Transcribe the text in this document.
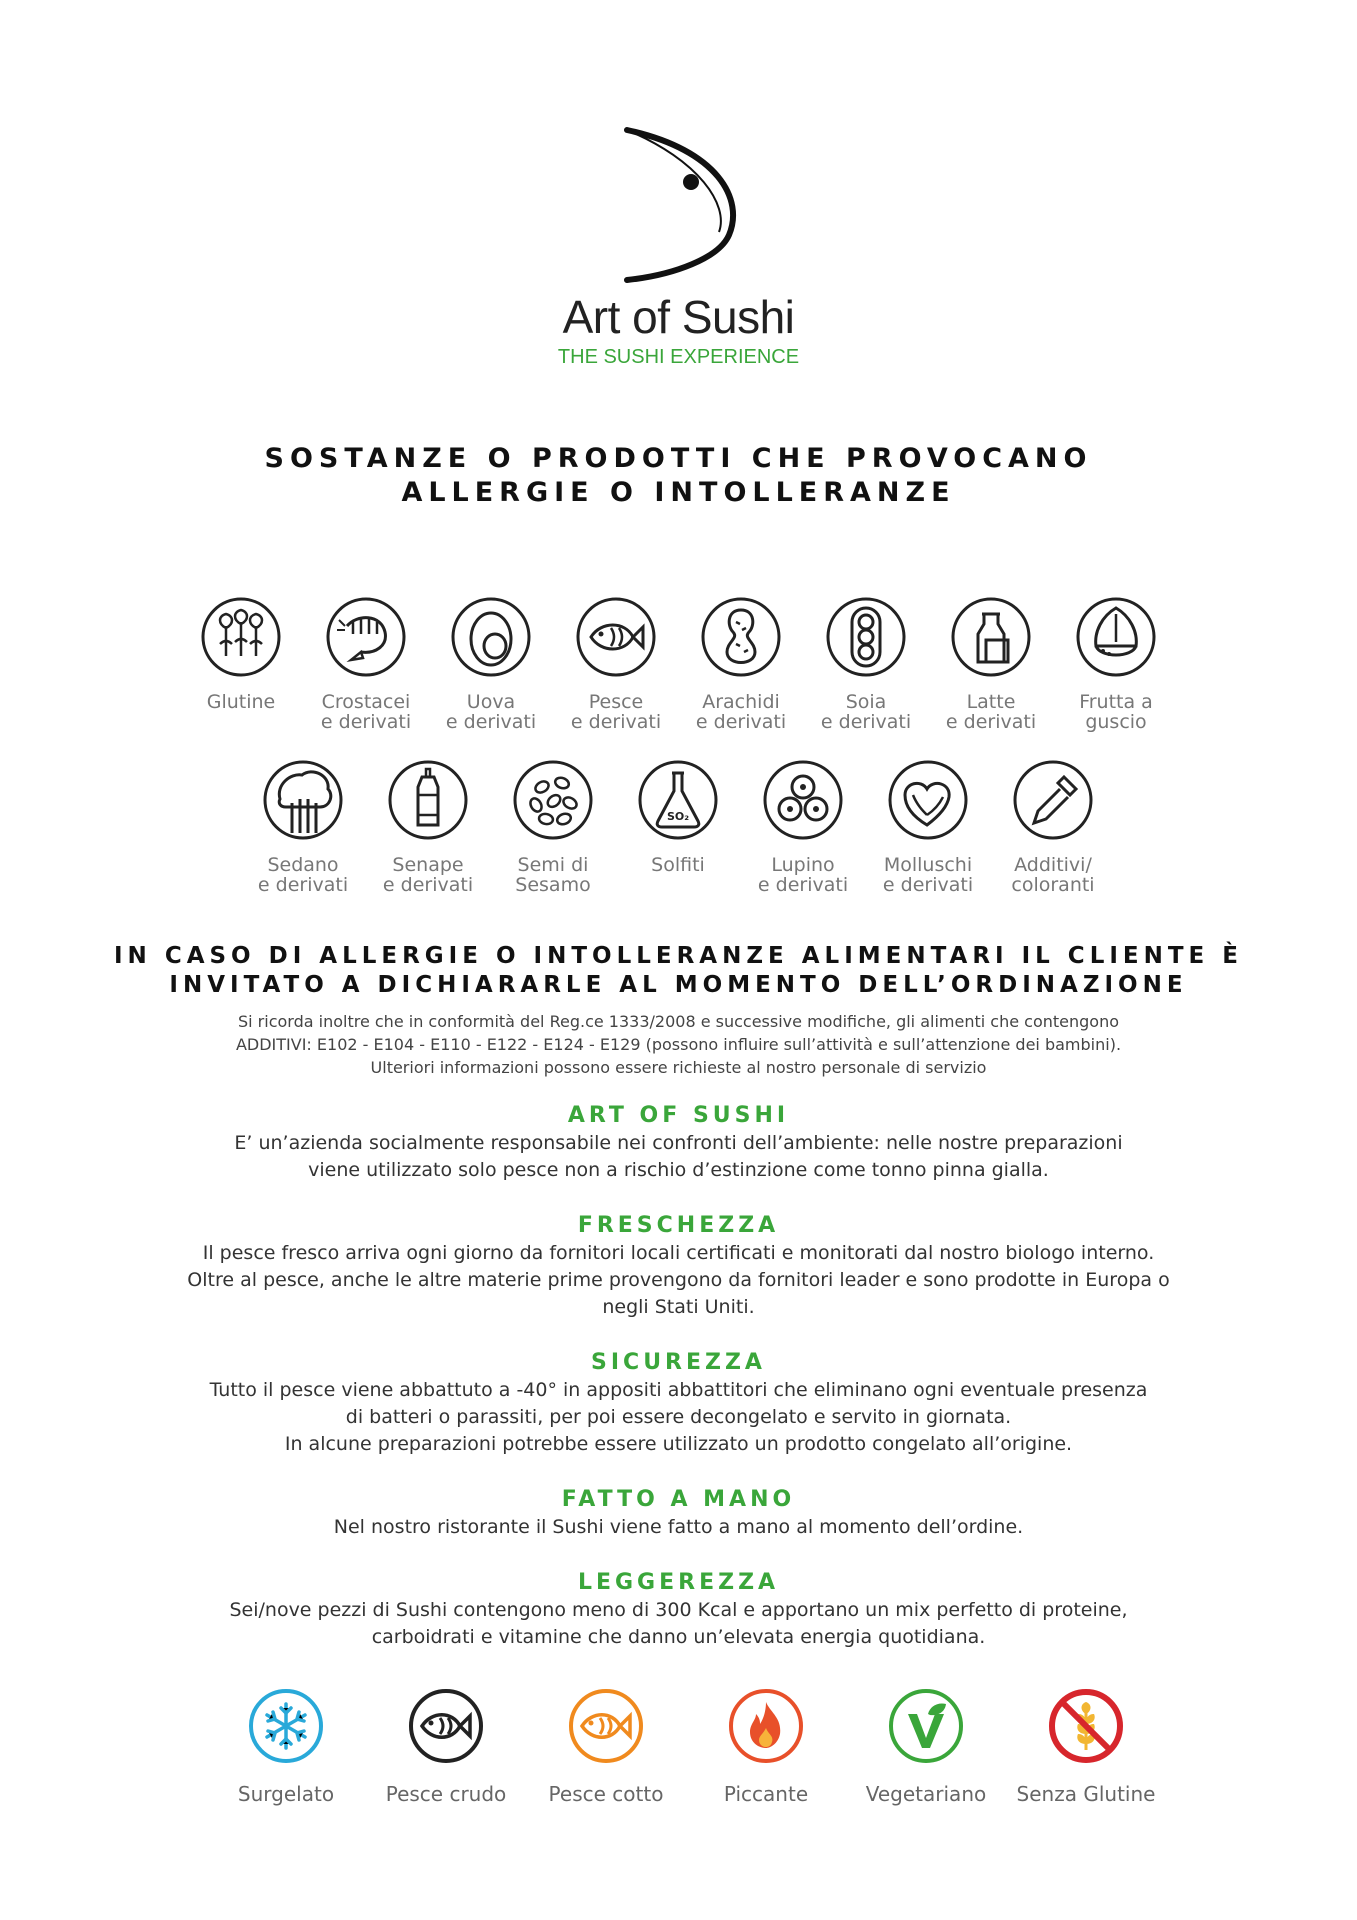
Art of Sushi
THE SUSHI EXPERIENCE
SOSTANZE O PRODOTTI CHE PROVOCANO
ALLERGIE O INTOLLERANZE
Glutine	Crostacei
e derivati
Uova
e derivati
Pesce
e derivati
Arachidi
e derivati
Soia
e derivati
Latte
e derivati
Frutta a
guscio
Sedano
e derivati
Senape
e derivati
Semi di
Sesamo
SO₂
Solfiti	Lupino
e derivati
Molluschi
e derivati
Additivi/
coloranti
IN CASO DI ALLERGIE O INTOLLERANZE ALIMENTARI IL CLIENTE È
INVITATO A DICHIARARLE AL MOMENTO DELL’ORDINAZIONE
Si ricorda inoltre che in conformità del Reg.ce 1333/2008 e successive modifiche, gli alimenti che contengono
ADDITIVI: E102 - E104 - E110 - E122 - E124 - E129 (possono influire sull’attività e sull’attenzione dei bambini).
Ulteriori informazioni possono essere richieste al nostro personale di servizio
ART OF SUSHI
E’ un’azienda socialmente responsabile nei confronti dell’ambiente: nelle nostre preparazioni viene utilizzato solo pesce non a rischio d’estinzione come tonno pinna gialla.
FRESCHEZZA
Il pesce fresco arriva ogni giorno da fornitori locali certificati e monitorati dal nostro biologo interno. Oltre al pesce, anche le altre materie prime provengono da fornitori leader e sono prodotte in Europa o negli Stati Uniti.
SICUREZZA
Tutto il pesce viene abbattuto a -40° in appositi abbattitori che eliminano ogni eventuale presenza di batteri o parassiti, per poi essere decongelato e servito in giornata.
In alcune preparazioni potrebbe essere utilizzato un prodotto congelato all’origine.
FATTO A MANO
Nel nostro ristorante il Sushi viene fatto a mano al momento dell’ordine.
LEGGEREZZA
Sei/nove pezzi di Sushi contengono meno di 300 Kcal e apportano un mix perfetto di proteine, carboidrati e vitamine che danno un’elevata energia quotidiana.
Surgelato	Pesce crudo	Pesce cotto	Piccante	Vegetariano	Senza Glutine
